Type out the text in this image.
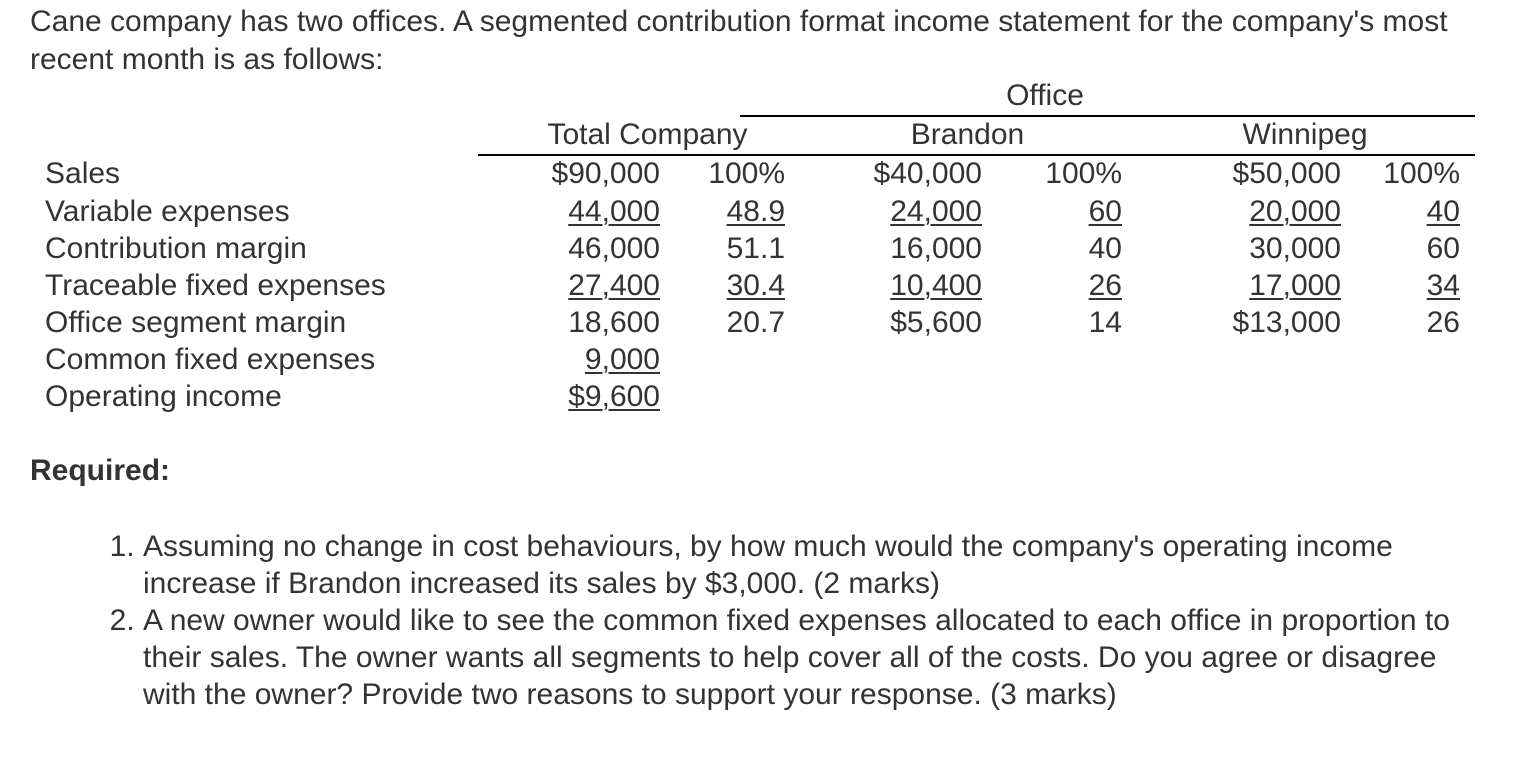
Cane company has two offices. A segmented contribution format income statement for the company's most recent month is as follows:

Office
Total Company	Brandon	Winnipeg
Sales
Variable expenses
Contribution margin
Traceable fixed expenses
Office segment margin
Common fixed expenses
Operating income
$90,000
44,000
46,000
27,400
18,600
9,000
$9,600
100%
48.9
51.1
30.4
20.7
$40,000
24,000
16,000
10,400
$5,600
100%
60
40
26
14
$50,000
20,000
30,000
17,000
$13,000
100%
40
60
34
26

Required:

1. Assuming no change in cost behaviours, by how much would the company's operating income increase if Brandon increased its sales by $3,000. (2 marks)
2. A new owner would like to see the common fixed expenses allocated to each office in proportion to their sales. The owner wants all segments to help cover all of the costs. Do you agree or disagree with the owner? Provide two reasons to support your response. (3 marks)
